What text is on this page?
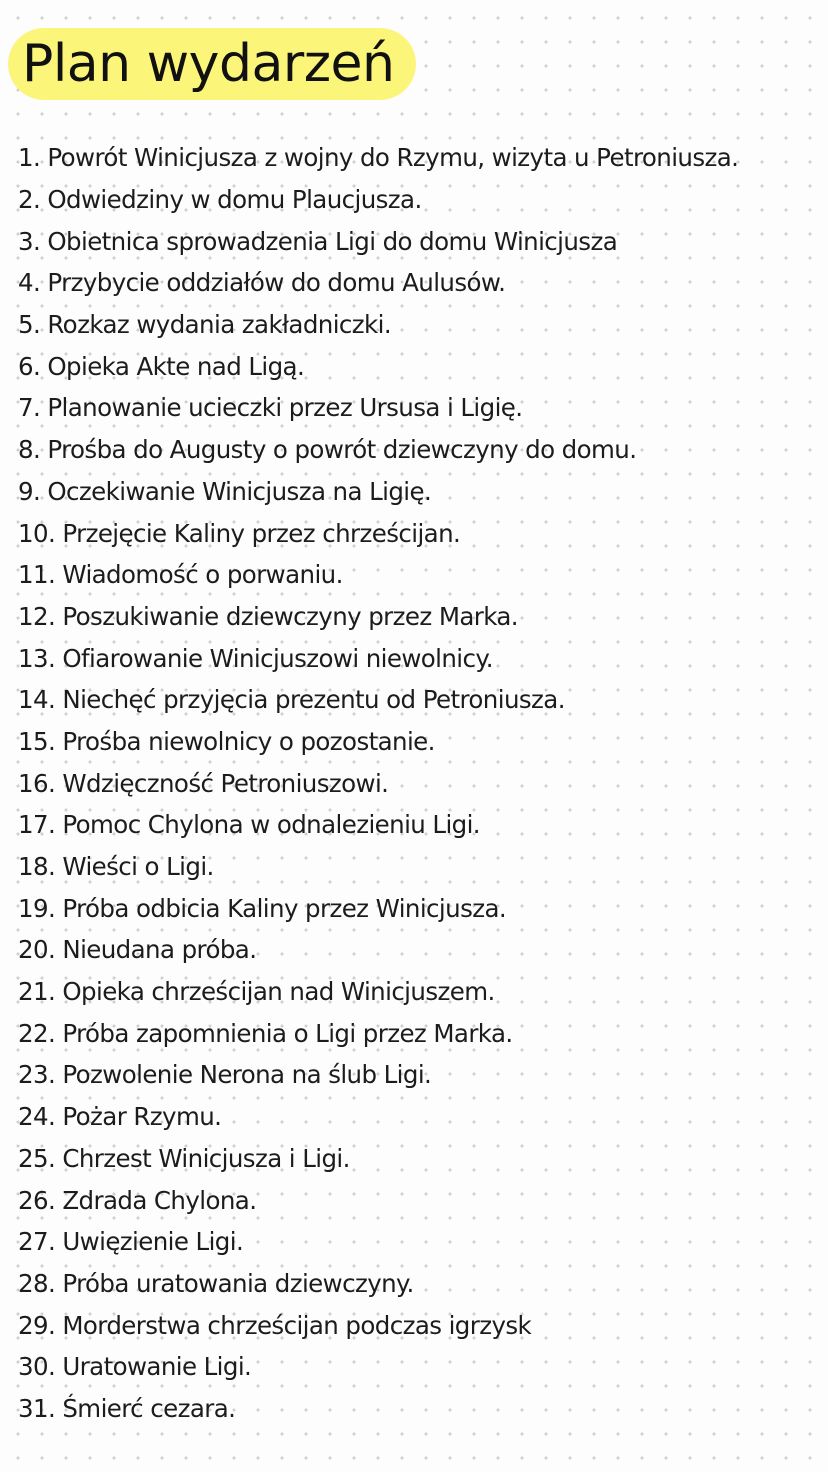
Plan wydarzeń
1. Powrót Winicjusza z wojny do Rzymu, wizyta u Petroniusza.
2. Odwiedziny w domu Plaucjusza.
3. Obietnica sprowadzenia Ligi do domu Winicjusza
4. Przybycie oddziałów do domu Aulusów.
5. Rozkaz wydania zakładniczki.
6. Opieka Akte nad Ligą.
7. Planowanie ucieczki przez Ursusa i Ligię.
8. Prośba do Augusty o powrót dziewczyny do domu.
9. Oczekiwanie Winicjusza na Ligię.
10. Przejęcie Kaliny przez chrześcijan.
11. Wiadomość o porwaniu.
12. Poszukiwanie dziewczyny przez Marka.
13. Ofiarowanie Winicjuszowi niewolnicy.
14. Niechęć przyjęcia prezentu od Petroniusza.
15. Prośba niewolnicy o pozostanie.
16. Wdzięczność Petroniuszowi.
17. Pomoc Chylona w odnalezieniu Ligi.
18. Wieści o Ligi.
19. Próba odbicia Kaliny przez Winicjusza.
20. Nieudana próba.
21. Opieka chrześcijan nad Winicjuszem.
22. Próba zapomnienia o Ligi przez Marka.
23. Pozwolenie Nerona na ślub Ligi.
24. Pożar Rzymu.
25. Chrzest Winicjusza i Ligi.
26. Zdrada Chylona.
27. Uwięzienie Ligi.
28. Próba uratowania dziewczyny.
29. Morderstwa chrześcijan podczas igrzysk
30. Uratowanie Ligi.
31. Śmierć cezara.
